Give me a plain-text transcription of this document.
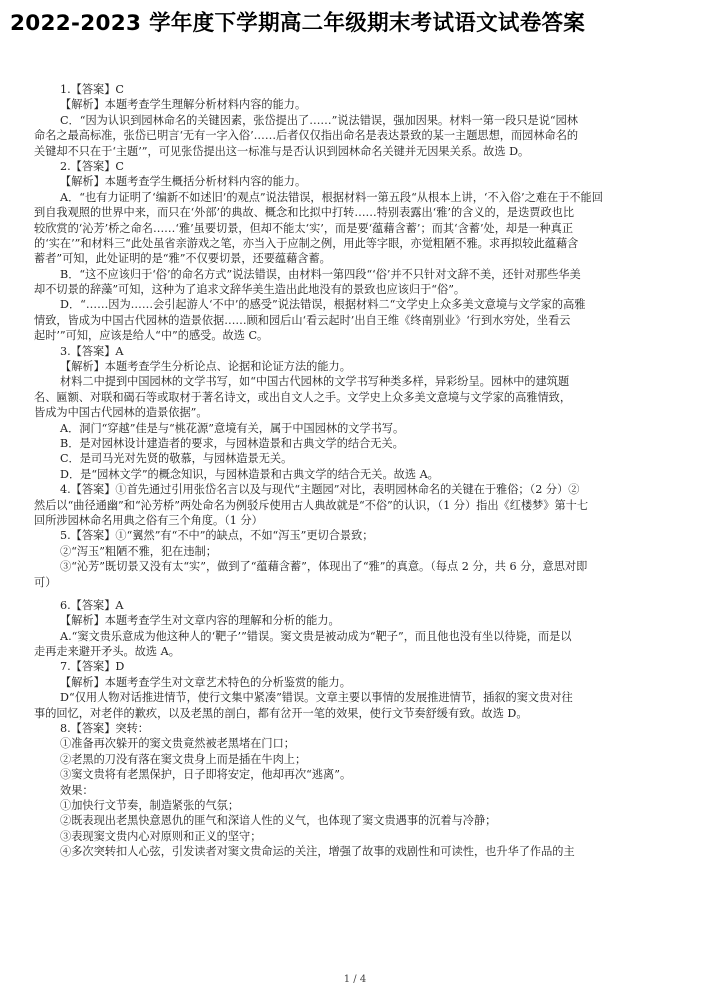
2022-2023 学年度下学期高二年级期末考试语文试卷答案
1.【答案】C
【解析】本题考查学生理解分析材料内容的能力。
C．“因为认识到园林命名的关键因素，张岱提出了……”说法错误，强加因果。材料一第一段只是说“园林
命名之最高标准，张岱已明言‘无有一字入俗’……后者仅仅指出命名是表达景致的某一主题思想，而园林命名的
关键却不只在于‘主题’”，可见张岱提出这一标准与是否认识到园林命名关键并无因果关系。故选 D。
2.【答案】C
【解析】本题考查学生概括分析材料内容的能力。
A．“也有力证明了‘编新不如述旧’的观点”说法错误，根据材料一第五段“从根本上讲，‘不入俗’之难在于不能回
到自我观照的世界中来，而只在‘外部’的典故、概念和比拟中打转……特别表露出‘雅’的含义的，是迭贾政也比
较欣赏的‘沁芳’桥之命名……‘雅’虽要切景，但却不能太‘实’，而是要‘蕴藉含蓄’；而其‘含蓄’处，却是一种真正
的‘实在’”和材料三“此处虽省亲游戏之笔，亦当入于应制之例，用此等字眼，亦觉粗陋不雅。求再拟较此蕴藉含
蓄者”可知，此处证明的是“雅”不仅要切景，还要蕴藉含蓄。
B．“这不应该归于‘俗’的命名方式”说法错误，由材料一第四段“‘俗’并不只针对文辞不美，还针对那些华美
却不切景的辞藻”可知，这种为了追求文辞华美生造出此地没有的景致也应该归于“俗”。
D．“……因为……会引起游人‘不中’的感受”说法错误，根据材料二“文学史上众多美文意境与文学家的高雅
情致，皆成为中国古代园林的造景依据……顾和园后山‘看云起时’出自王维《终南别业》‘行到水穷处，坐看云
起时’”可知，应该是给人“中”的感受。故选 C。
3.【答案】A
【解析】本题考查学生分析论点、论据和论证方法的能力。
材料二中提到中国园林的文学书写，如“中国古代园林的文学书写种类多样，异彩纷呈。园林中的建筑题
名、匾额、对联和碣石等或取材于著名诗文，或出自文人之手。文学史上众多美文意境与文学家的高雅情致，
皆成为中国古代园林的造景依据”。
A．洞门“穿越”佳是与“桃花源”意境有关，属于中国园林的文学书写。
B．是对园林设计建造者的要求，与园林造景和古典文学的结合无关。
C．是司马光对先贤的敬慕，与园林造景无关。
D．是“园林文学”的概念知识，与园林造景和古典文学的结合无关。故选 A。
4.【答案】①首先通过引用张岱名言以及与现代“主题园”对比，表明园林命名的关键在于雅俗；（2 分）②
然后以“曲径通幽”和“沁芳桥”两处命名为例驳斥使用古人典故就是“不俗”的认识，（1 分）指出《红楼梦》第十七
回所涉园林命名用典之俗有三个角度。（1 分）
5.【答案】①“翼然”有“不中”的缺点，不如“泻玉”更切合景致；
②“泻玉”粗陋不雅，犯在违制；
③“沁芳”既切景又没有太“实”，做到了“蕴藉含蓄”，体现出了“雅”的真意。（每点 2 分，共 6 分，意思对即
可）
6.【答案】A
【解析】本题考查学生对文章内容的理解和分析的能力。
A.“窦文贵乐意成为他这种人的‘靶子’”错误。窦文贵是被动成为“靶子”，而且他也没有坐以待毙，而是以
走再走来避开矛头。故选 A。
7.【答案】D
【解析】本题考查学生对文章艺术特色的分析鉴赏的能力。
D“仅用人物对话推进情节，使行文集中紧凑”错误。文章主要以事情的发展推进情节，插叙的窦文贵对往
事的回忆，对老伴的歉疚，以及老黑的剖白，都有岔开一笔的效果，使行文节奏舒缓有致。故选 D。
8.【答案】突转：
①准备再次躲开的窦文贵竟然被老黑堵在门口；
②老黑的刀没有落在窦文贵身上而是插在牛肉上；
③窦文贵将有老黑保护，日子即将安定，他却再次“逃离”。
效果：
①加快行文节奏，制造紧张的气氛；
②既表现出老黑快意恩仇的匪气和深谙人性的义气，也体现了窦文贵遇事的沉着与冷静；
③表现窦文贵内心对原则和正义的坚守；
④多次突转扣人心弦，引发读者对窦文贵命运的关注，增强了故事的戏剧性和可读性，也升华了作品的主
1 / 4
